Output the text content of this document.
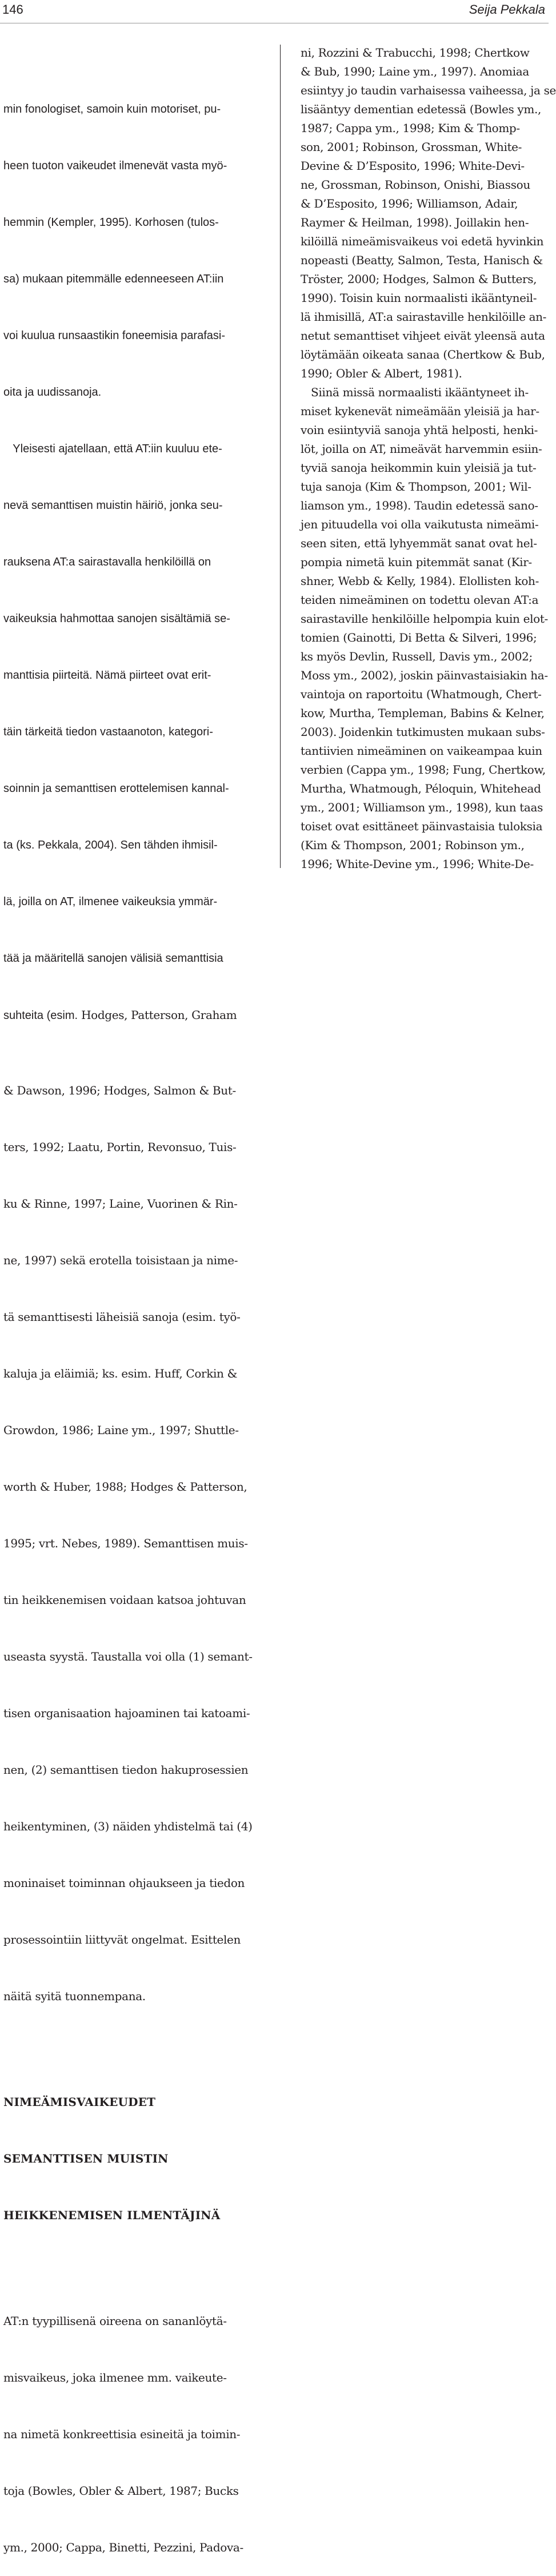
146	Seija Pekkala

min fonologiset, samoin kuin motoriset, pu-

heen tuoton vaikeudet ilmenevät vasta myö-

hemmin (Kempler, 1995). Korhosen (tulos-

sa) mukaan pitemmälle edenneeseen AT:iin

voi kuulua runsaastikin foneemisia parafasi-

oita ja uudissanoja.

Yleisesti ajatellaan, että AT:iin kuuluu ete-

nevä semanttisen muistin häiriö, jonka seu-

rauksena AT:a sairastavalla henkilöillä on

vaikeuksia hahmottaa sanojen sisältämiä se-

manttisia piirteitä. Nämä piirteet ovat erit-

täin tärkeitä tiedon vastaanoton, kategori-

soinnin ja semanttisen erottelemisen kannal-

ta (ks. Pekkala, 2004). Sen tähden ihmisil-

lä, joilla on AT, ilmenee vaikeuksia ymmär-

tää ja määritellä sanojen välisiä semanttisia

suhteita (esim. Hodges, Patterson, Graham

& Dawson, 1996; Hodges, Salmon & But-

ters, 1992; Laatu, Portin, Revonsuo, Tuis-

ku & Rinne, 1997; Laine, Vuorinen & Rin-

ne, 1997) sekä erotella toisistaan ja nime-

tä semanttisesti läheisiä sanoja (esim. työ-

kaluja ja eläimiä; ks. esim. Huff, Corkin &

Growdon, 1986; Laine ym., 1997; Shuttle-

worth & Huber, 1988; Hodges & Patterson,

1995; vrt. Nebes, 1989). Semanttisen muis-

tin heikkenemisen voidaan katsoa johtuvan

useasta syystä. Taustalla voi olla (1) semant-

tisen organisaation hajoaminen tai katoami-

nen, (2) semanttisen tiedon hakuprosessien

heikentyminen, (3) näiden yhdistelmä tai (4)

moninaiset toiminnan ohjaukseen ja tiedon

prosessointiin liittyvät ongelmat. Esittelen

näitä syitä tuonnempana.

NIMEÄMISVAIKEUDET

SEMANTTISEN MUISTIN

HEIKKENEMISEN ILMENTÄJINÄ

AT:n tyypillisenä oireena on sananlöytä-

misvaikeus, joka ilmenee mm. vaikeute-

na nimetä konkreettisia esineitä ja toimin-

toja (Bowles, Obler & Albert, 1987; Bucks

ym., 2000; Cappa, Binetti, Pezzini, Padova-

ni, Rozzini & Trabucchi, 1998; Chertkow
& Bub, 1990; Laine ym., 1997). Anomiaa
esiintyy jo taudin varhaisessa vaiheessa, ja se
lisääntyy dementian edetessä (Bowles ym.,
1987; Cappa ym., 1998; Kim & Thomp-
son, 2001; Robinson, Grossman, White-
Devine & D’Esposito, 1996; White-Devi-
ne, Grossman, Robinson, Onishi, Biassou
& D’Esposito, 1996; Williamson, Adair,
Raymer & Heilman, 1998). Joillakin hen-
kilöillä nimeämisvaikeus voi edetä hyvinkin
nopeasti (Beatty, Salmon, Testa, Hanisch &
Tröster, 2000; Hodges, Salmon & Butters,
1990). Toisin kuin normaalisti ikääntyneil-
lä ihmisillä, AT:a sairastaville henkilöille an-
netut semanttiset vihjeet eivät yleensä auta
löytämään oikeata sanaa (Chertkow & Bub,
1990; Obler & Albert, 1981).
Siinä missä normaalisti ikääntyneet ih-
miset kykenevät nimeämään yleisiä ja har-
voin esiintyviä sanoja yhtä helposti, henki-
löt, joilla on AT, nimeävät harvemmin esiin-
tyviä sanoja heikommin kuin yleisiä ja tut-
tuja sanoja (Kim & Thompson, 2001; Wil-
liamson ym., 1998). Taudin edetessä sano-
jen pituudella voi olla vaikutusta nimeämi-
seen siten, että lyhyemmät sanat ovat hel-
pompia nimetä kuin pitemmät sanat (Kir-
shner, Webb & Kelly, 1984). Elollisten koh-
teiden nimeäminen on todettu olevan AT:a
sairastaville henkilöille helpompia kuin elot-
tomien (Gainotti, Di Betta & Silveri, 1996;
ks myös Devlin, Russell, Davis ym., 2002;
Moss ym., 2002), joskin päinvastaisiakin ha-
vaintoja on raportoitu (Whatmough, Chert-
kow, Murtha, Templeman, Babins & Kelner,
2003). Joidenkin tutkimusten mukaan subs-
tantiivien nimeäminen on vaikeampaa kuin
verbien (Cappa ym., 1998; Fung, Chertkow,
Murtha, Whatmough, Péloquin, Whitehead
ym., 2001; Williamson ym., 1998), kun taas
toiset ovat esittäneet päinvastaisia tuloksia
(Kim & Thompson, 2001; Robinson ym.,
1996; White-Devine ym., 1996; White-De-
